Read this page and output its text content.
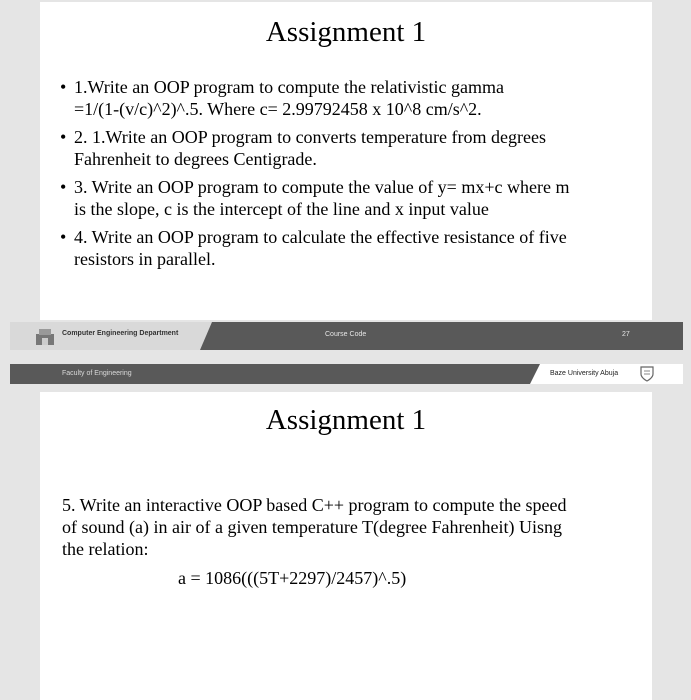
Assignment 1
• 1.Write an OOP program to compute the relativistic gamma
=1/(1-(v/c)^2)^.5. Where c= 2.99792458 x 10^8 cm/s^2.
• 2. 1.Write an OOP program to converts temperature from degrees
Fahrenheit to degrees Centigrade.
• 3. Write an OOP program to compute the value of y= mx+c where m
is the slope, c is the intercept of the line and x input value
• 4. Write an OOP program to calculate the effective resistance of five
resistors in parallel.
Computer Engineering Department	Course Code	27
Faculty of Engineering	Baze University Abuja
Assignment 1
5. Write an interactive OOP based C++ program to compute the speed
of sound (a) in air of a given temperature T(degree Fahrenheit) Uisng
the relation:
a = 1086(((5T+2297)/2457)^.5)
